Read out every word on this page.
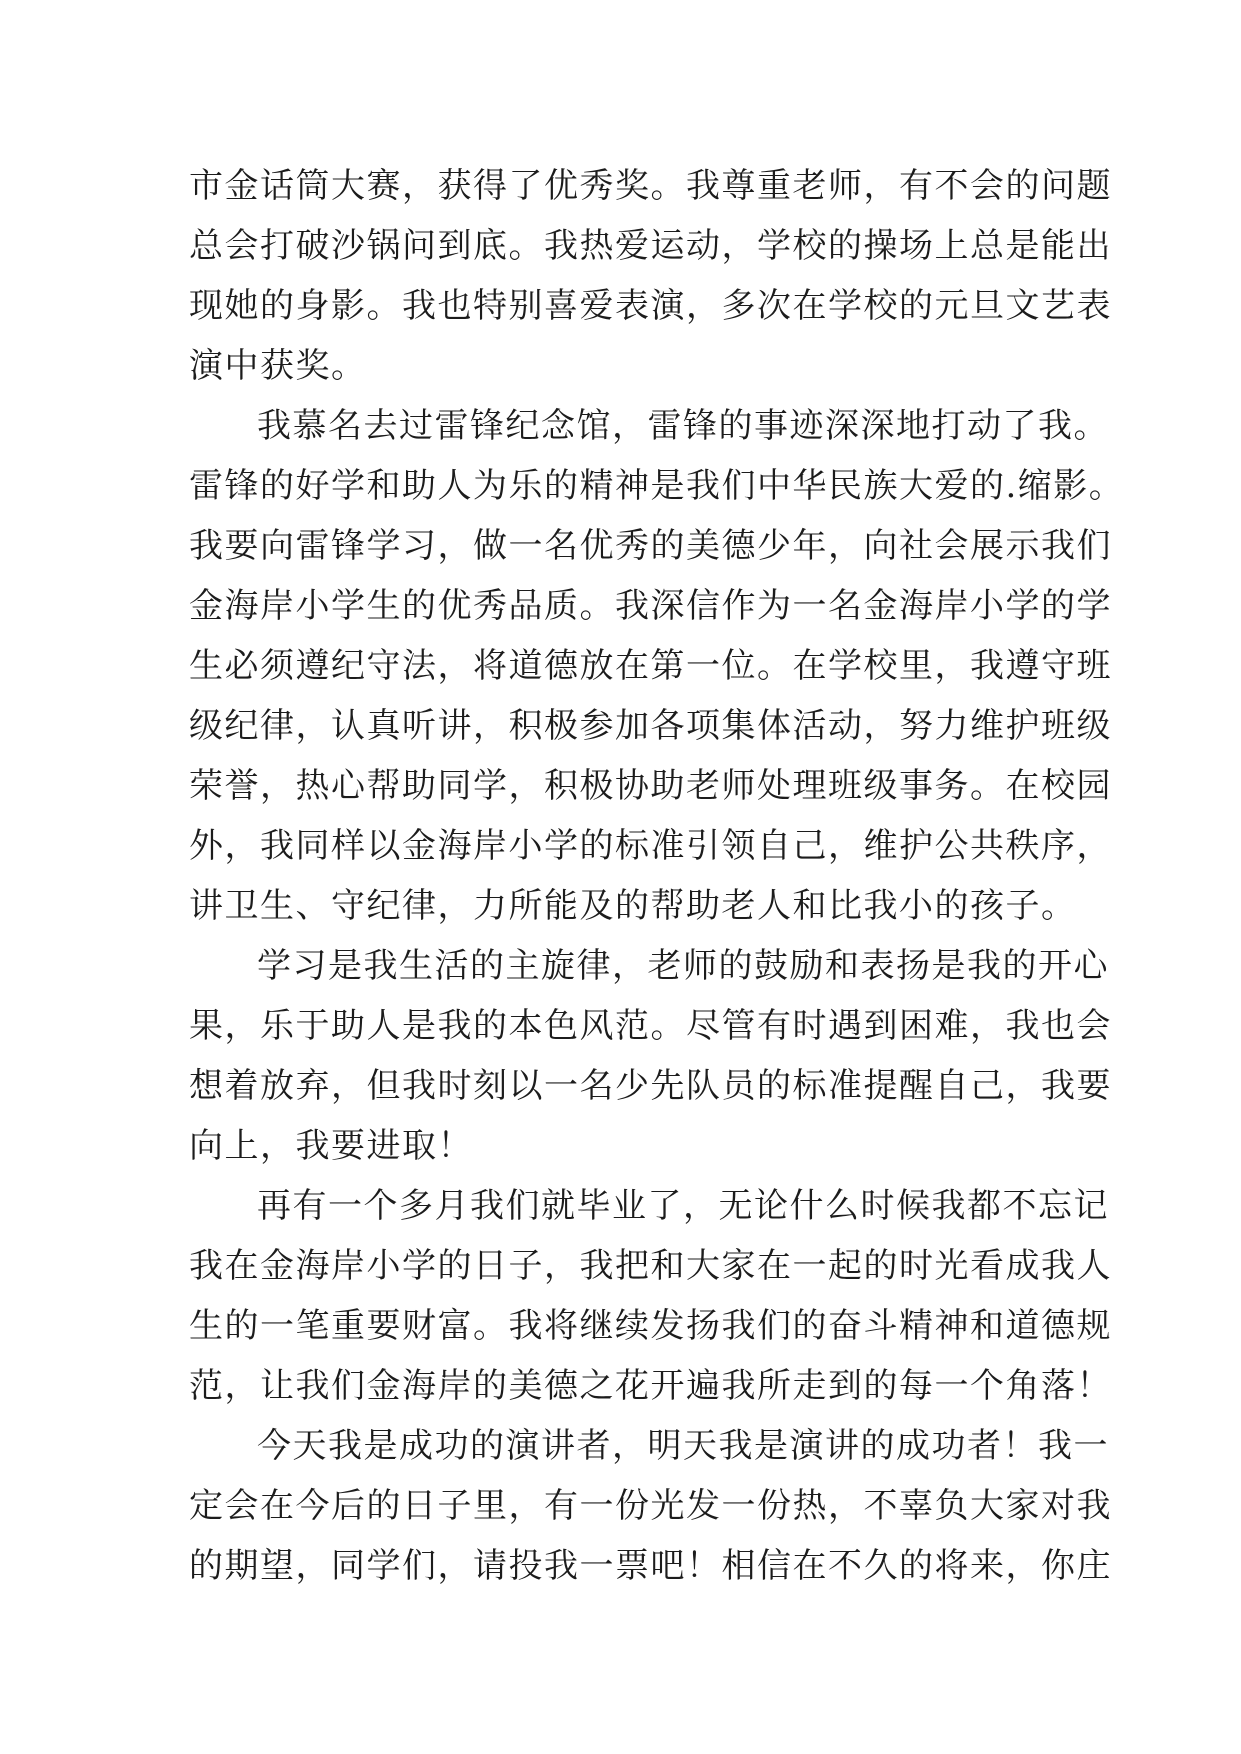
市金话筒大赛，获得了优秀奖。我尊重老师，有不会的问题
总会打破沙锅问到底。我热爱运动，学校的操场上总是能出
现她的身影。我也特别喜爱表演，多次在学校的元旦文艺表
演中获奖。
我慕名去过雷锋纪念馆，雷锋的事迹深深地打动了我。
雷锋的好学和助人为乐的精神是我们中华民族大爱的.缩影。
我要向雷锋学习，做一名优秀的美德少年，向社会展示我们
金海岸小学生的优秀品质。我深信作为一名金海岸小学的学
生必须遵纪守法，将道德放在第一位。在学校里，我遵守班
级纪律，认真听讲，积极参加各项集体活动，努力维护班级
荣誉，热心帮助同学，积极协助老师处理班级事务。在校园
外，我同样以金海岸小学的标准引领自己，维护公共秩序，
讲卫生、守纪律，力所能及的帮助老人和比我小的孩子。
学习是我生活的主旋律，老师的鼓励和表扬是我的开心
果，乐于助人是我的本色风范。尽管有时遇到困难，我也会
想着放弃，但我时刻以一名少先队员的标准提醒自己，我要
向上，我要进取！
再有一个多月我们就毕业了，无论什么时候我都不忘记
我在金海岸小学的日子，我把和大家在一起的时光看成我人
生的一笔重要财富。我将继续发扬我们的奋斗精神和道德规
范，让我们金海岸的美德之花开遍我所走到的每一个角落！
今天我是成功的演讲者，明天我是演讲的成功者！我一
定会在今后的日子里，有一份光发一份热，不辜负大家对我
的期望，同学们，请投我一票吧！相信在不久的将来，你庄
